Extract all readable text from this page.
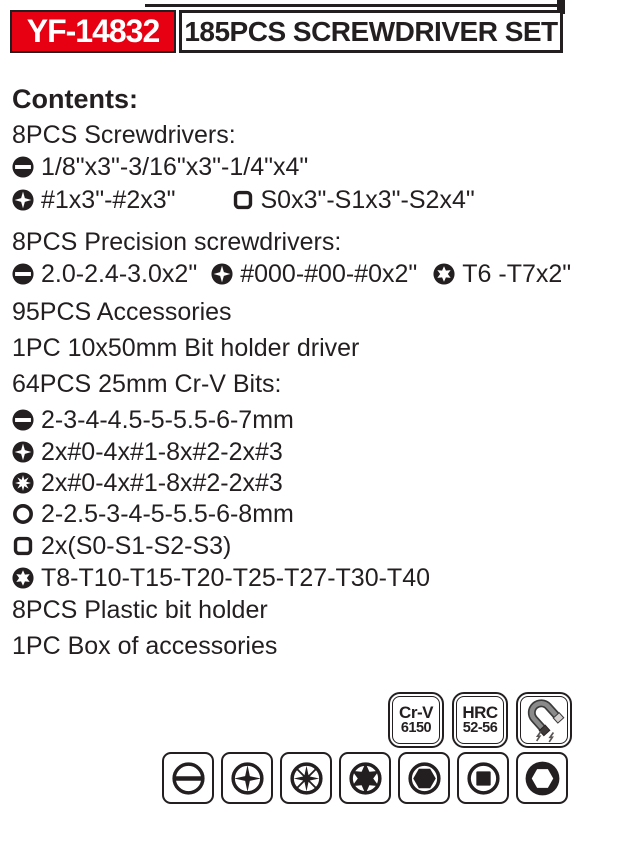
YF-14832 185PCS SCREWDRIVER SET
Contents:
8PCS Screwdrivers:
1/8"x3"-3/16"x3"-1/4"x4"
#1x3"-#2x3"	S0x3"-S1x3"-S2x4"
8PCS Precision screwdrivers:
2.0-2.4-3.0x2" #000-#00-#0x2" T6 -T7x2"
95PCS Accessories
1PC 10x50mm Bit holder driver
64PCS 25mm Cr-V Bits:
2-3-4-4.5-5-5.5-6-7mm
2x#0-4x#1-8x#2-2x#3
2x#0-4x#1-8x#2-2x#3
2-2.5-3-4-5-5.5-6-8mm
2x(S0-S1-S2-S3)
T8-T10-T15-T20-T25-T27-T30-T40
8PCS Plastic bit holder
1PC Box of accessories
Cr-V
6150
HRC
52-56
